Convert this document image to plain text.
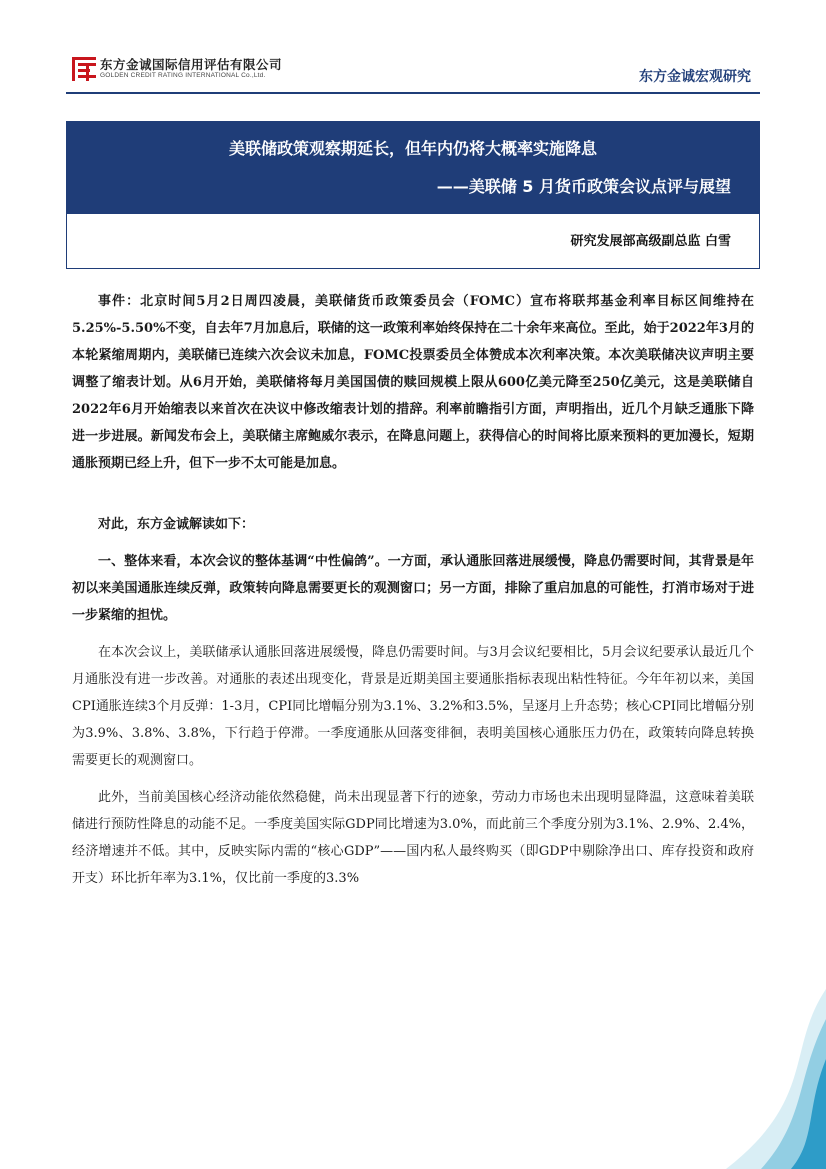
东方金诚国际信用评估有限公司
GOLDEN CREDIT RATING INTERNATIONAL Co.,Ltd.	东方金诚宏观研究
美联储政策观察期延长，但年内仍将大概率实施降息
——美联储 5 月货币政策会议点评与展望
研究发展部高级副总监 白雪

事件：北京时间5月2日周四凌晨，美联储货币政策委员会（FOMC）宣布将联邦基金利率目标区间维持在5.25%-5.50%不变，自去年7月加息后，联储的这一政策利率始终保持在二十余年来高位。至此，始于2022年3月的本轮紧缩周期内，美联储已连续六次会议未加息，FOMC投票委员全体赞成本次利率决策。本次美联储决议声明主要调整了缩表计划。从6月开始，美联储将每月美国国债的赎回规模上限从600亿美元降至250亿美元，这是美联储自2022年6月开始缩表以来首次在决议中修改缩表计划的措辞。利率前瞻指引方面，声明指出，近几个月缺乏通胀下降进一步进展。新闻发布会上，美联储主席鲍威尔表示，在降息问题上，获得信心的时间将比原来预料的更加漫长，短期通胀预期已经上升，但下一步不太可能是加息。

对此，东方金诚解读如下：

一、整体来看，本次会议的整体基调“中性偏鸽”。一方面，承认通胀回落进展缓慢，降息仍需要时间，其背景是年初以来美国通胀连续反弹，政策转向降息需要更长的观测窗口；另一方面，排除了重启加息的可能性，打消市场对于进一步紧缩的担忧。

在本次会议上，美联储承认通胀回落进展缓慢，降息仍需要时间。与3月会议纪要相比，5月会议纪要承认最近几个月通胀没有进一步改善。对通胀的表述出现变化，背景是近期美国主要通胀指标表现出粘性特征。今年年初以来，美国CPI通胀连续3个月反弹：1-3月，CPI同比增幅分别为3.1%、3.2%和3.5%，呈逐月上升态势；核心CPI同比增幅分别为3.9%、3.8%、3.8%，下行趋于停滞。一季度通胀从回落变徘徊，表明美国核心通胀压力仍在，政策转向降息转换需要更长的观测窗口。

此外，当前美国核心经济动能依然稳健，尚未出现显著下行的迹象，劳动力市场也未出现明显降温，这意味着美联储进行预防性降息的动能不足。一季度美国实际GDP同比增速为3.0%，而此前三个季度分别为3.1%、2.9%、2.4%，经济增速并不低。其中，反映实际内需的“核心GDP”——国内私人最终购买（即GDP中剔除净出口、库存投资和政府开支）环比折年率为3.1%，仅比前一季度的3.3%

1
